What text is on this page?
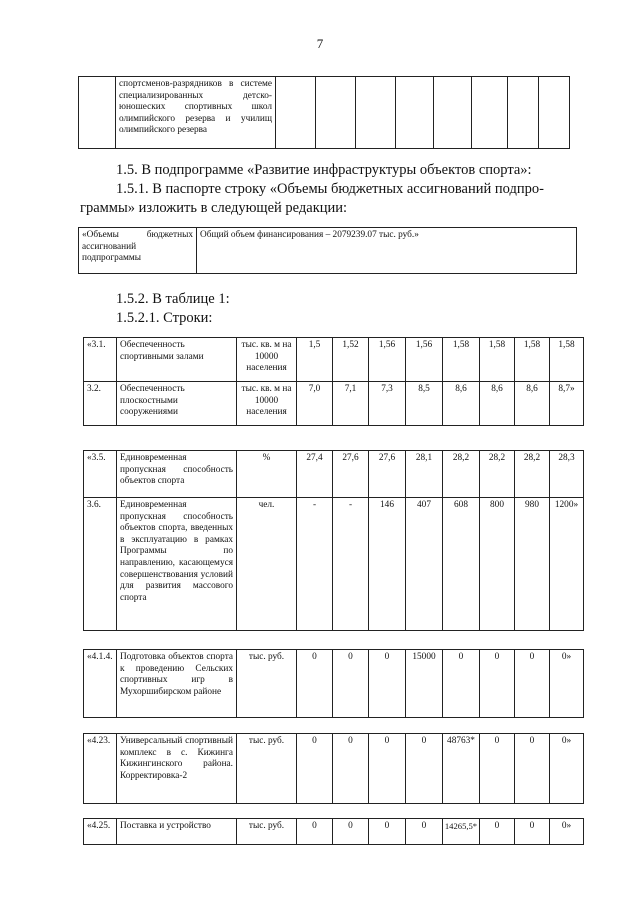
7
	спортсменов-разрядников в системе специализированных детско-юношеских спортивных школ олимпийского резерва и училищ олимпийского резерва								
1.5. В подпрограмме «Развитие инфраструктуры объектов спорта»:
1.5.1. В паспорте строку «Объемы бюджетных ассигнований подпро-
граммы» изложить в следующей редакции:
«Объемы бюджетных ассигнований подпрограммы	Общий объем финансирования – 2079239.07 тыс. руб.»
1.5.2. В таблице 1:
1.5.2.1. Строки:
«3.1.	Обеспеченность спортивными залами	тыс. кв. м на 10000 населения	1,5	1,52	1,56	1,56	1,58	1,58	1,58	1,58
3.2.	Обеспеченность плоскостными сооружениями	тыс. кв. м на 10000 населения	7,0	7,1	7,3	8,5	8,6	8,6	8,6	8,7»
«3.5.	Единовременная пропускная способность объектов спорта	%	27,4	27,6	27,6	28,1	28,2	28,2	28,2	28,3
3.6.	Единовременная пропускная способность объектов спорта, введенных в эксплуатацию в рамках Программы по направлению, касающемуся совершенствования условий для развития массового спорта	чел.	-	-	146	407	608	800	980	1200»
«4.1.4.	Подготовка объектов спорта к проведению Сельских спортивных игр в Мухоршибирском районе	тыс. руб.	0	0	0	15000	0	0	0	0»
«4.23.	Универсальный спортивный комплекс в с. Кижинга Кижингинского района. Корректировка-2	тыс. руб.	0	0	0	0	48763*	0	0	0»
«4.25.	Поставка и устройство	тыс. руб.	0	0	0	0	14265,5*	0	0	0»
